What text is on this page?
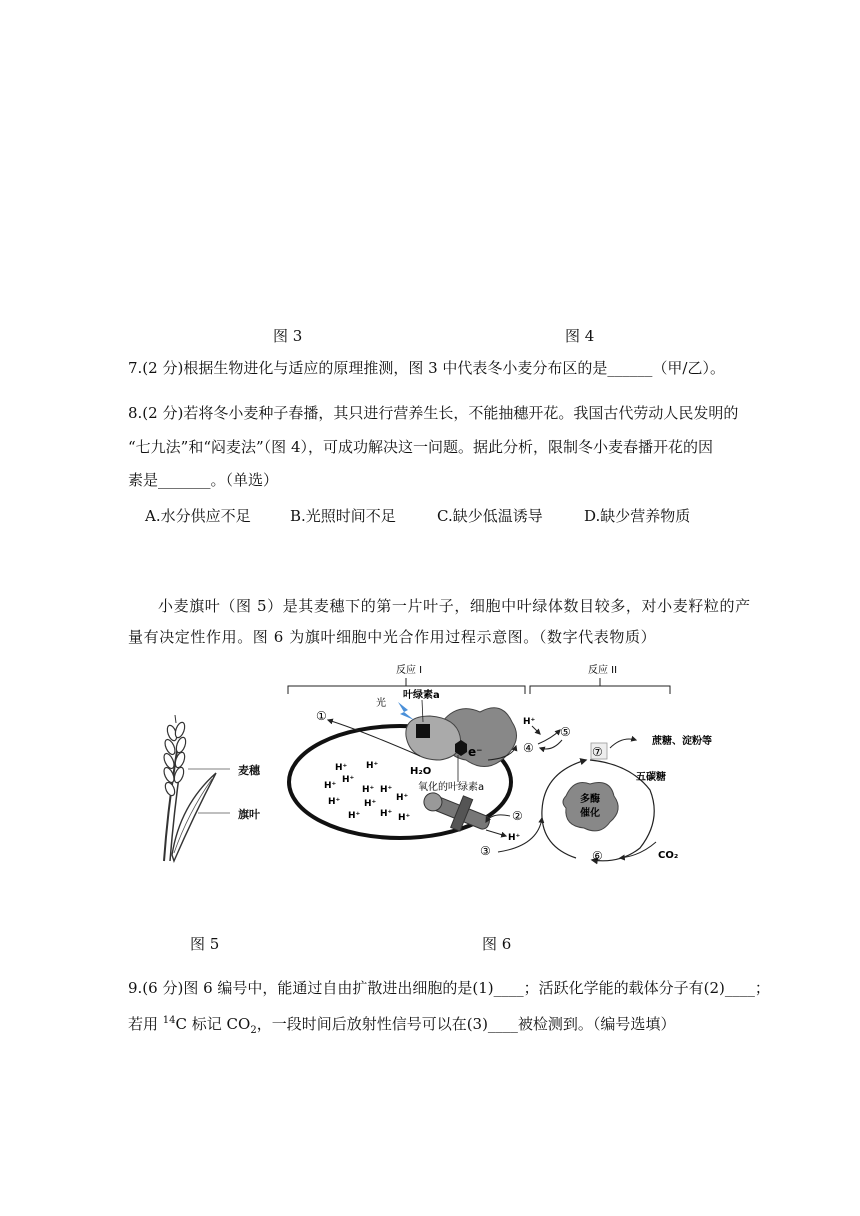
图 3	图 4
7.(2 分)根据生物进化与适应的原理推测，图 3 中代表冬小麦分布区的是______（甲/乙）。
8.(2 分)若将冬小麦种子春播，其只进行营养生长，不能抽穗开花。我国古代劳动人民发明的
“七九法”和“闷麦法”（图 4），可成功解决这一问题。据此分析，限制冬小麦春播开花的因
素是_______。（单选）
A.水分供应不足	B.光照时间不足	C.缺少低温诱导	D.缺少营养物质
小麦旗叶（图 5）是其麦穗下的第一片叶子，细胞中叶绿体数目较多，对小麦籽粒的产
量有决定性作用。图 6 为旗叶细胞中光合作用过程示意图。（数字代表物质）
麦穗
旗叶
反应 I	反应 II
光
叶绿素a
e⁻
H₂O
氧化的叶绿素a
①
H⁺ H⁺
H⁺
H⁺	H⁺ H⁺
H⁺
H⁺	H⁺
H⁺
H⁺	H⁺
H⁺
②
③
④
H⁺
⑤
⑦
蔗糖、淀粉等
五碳糖
多酶
催化
⑥	CO₂
图 5	图 6
9.(6 分)图 6 编号中，能通过自由扩散进出细胞的是(1)____；活跃化学能的载体分子有(2)____；
若用 $^{14}$C 标记 $CO_2$，一段时间后放射性信号可以在(3)____被检测到。（编号选填）
